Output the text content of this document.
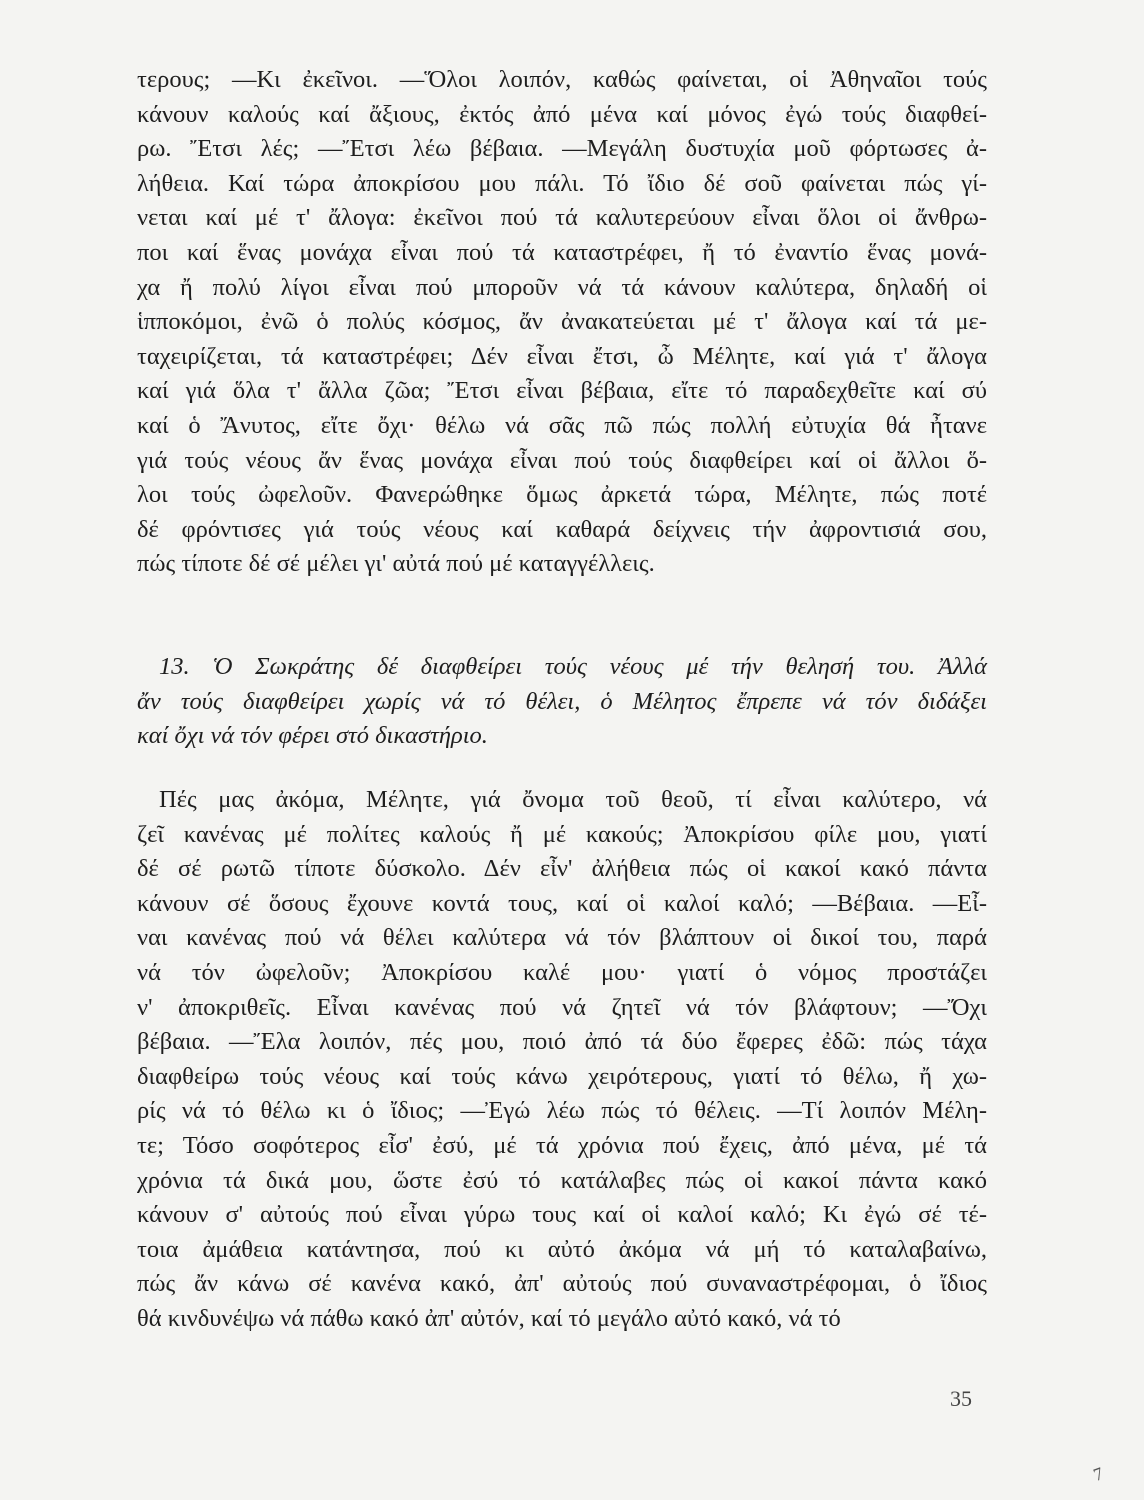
τερους; —Κι ἐκεῖνοι. —Ὅλοι λοιπόν, καθώς φαίνεται, οἱ Ἀθηναῖοι τούς
κάνουν καλούς καί ἄξιους, ἐκτός ἀπό μένα καί μόνος ἐγώ τούς διαφθεί-
ρω. Ἔτσι λές; —Ἔτσι λέω βέβαια. —Μεγάλη δυστυχία μοῦ φόρτωσες ἀ-
λήθεια. Καί τώρα ἀποκρίσου μου πάλι. Τό ἴδιο δέ σοῦ φαίνεται πώς γί-
νεται καί μέ τ' ἄλογα: ἐκεῖνοι πού τά καλυτερεύουν εἶναι ὅλοι οἱ ἄνθρω-
ποι καί ἕνας μονάχα εἶναι πού τά καταστρέφει, ἤ τό ἐναντίο ἕνας μονά-
χα ἤ πολύ λίγοι εἶναι πού μποροῦν νά τά κάνουν καλύτερα, δηλαδή οἱ
ἱπποκόμοι, ἐνῶ ὁ πολύς κόσμος, ἄν ἀνακατεύεται μέ τ' ἄλογα καί τά με-
ταχειρίζεται, τά καταστρέφει; Δέν εἶναι ἔτσι, ὦ Μέλητε, καί γιά τ' ἄλογα
καί γιά ὅλα τ' ἄλλα ζῶα; Ἔτσι εἶναι βέβαια, εἴτε τό παραδεχθεῖτε καί σύ
καί ὁ Ἄνυτος, εἴτε ὄχι· θέλω νά σᾶς πῶ πώς πολλή εὐτυχία θά ἦτανε
γιά τούς νέους ἄν ἕνας μονάχα εἶναι πού τούς διαφθείρει καί οἱ ἄλλοι ὅ-
λοι τούς ὠφελοῦν. Φανερώθηκε ὅμως ἀρκετά τώρα, Μέλητε, πώς ποτέ
δέ φρόντισες γιά τούς νέους καί καθαρά δείχνεις τήν ἀφροντισιά σου,
πώς τίποτε δέ σέ μέλει γι' αὐτά πού μέ καταγγέλλεις.
13. Ὁ Σωκράτης δέ διαφθείρει τούς νέους μέ τήν θελησή του. Ἀλλά
ἄν τούς διαφθείρει χωρίς νά τό θέλει, ὁ Μέλητος ἔπρεπε νά τόν διδάξει
καί ὄχι νά τόν φέρει στό δικαστήριο.
Πές μας ἀκόμα, Μέλητε, γιά ὄνομα τοῦ θεοῦ, τί εἶναι καλύτερο, νά
ζεῖ κανένας μέ πολίτες καλούς ἤ μέ κακούς; Ἀποκρίσου φίλε μου, γιατί
δέ σέ ρωτῶ τίποτε δύσκολο. Δέν εἶν' ἀλήθεια πώς οἱ κακοί κακό πάντα
κάνουν σέ ὅσους ἔχουνε κοντά τους, καί οἱ καλοί καλό; —Βέβαια. —Εἶ-
ναι κανένας πού νά θέλει καλύτερα νά τόν βλάπτουν οἱ δικοί του, παρά
νά τόν ὠφελοῦν; Ἀποκρίσου καλέ μου· γιατί ὁ νόμος προστάζει
ν' ἀποκριθεῖς. Εἶναι κανένας πού νά ζητεῖ νά τόν βλάφτουν; —Ὄχι
βέβαια. —Ἔλα λοιπόν, πές μου, ποιό ἀπό τά δύο ἔφερες ἐδῶ: πώς τάχα
διαφθείρω τούς νέους καί τούς κάνω χειρότερους, γιατί τό θέλω, ἤ χω-
ρίς νά τό θέλω κι ὁ ἴδιος; —Ἐγώ λέω πώς τό θέλεις. —Τί λοιπόν Μέλη-
τε; Τόσο σοφότερος εἶσ' ἐσύ, μέ τά χρόνια πού ἔχεις, ἀπό μένα, μέ τά
χρόνια τά δικά μου, ὥστε ἐσύ τό κατάλαβες πώς οἱ κακοί πάντα κακό
κάνουν σ' αὐτούς πού εἶναι γύρω τους καί οἱ καλοί καλό; Κι ἐγώ σέ τέ-
τοια ἀμάθεια κατάντησα, πού κι αὐτό ἀκόμα νά μή τό καταλαβαίνω,
πώς ἄν κάνω σέ κανένα κακό, ἀπ' αὐτούς πού συναναστρέφομαι, ὁ ἴδιος
θά κινδυνέψω νά πάθω κακό ἀπ' αὐτόν, καί τό μεγάλο αὐτό κακό, νά τό
35
7
